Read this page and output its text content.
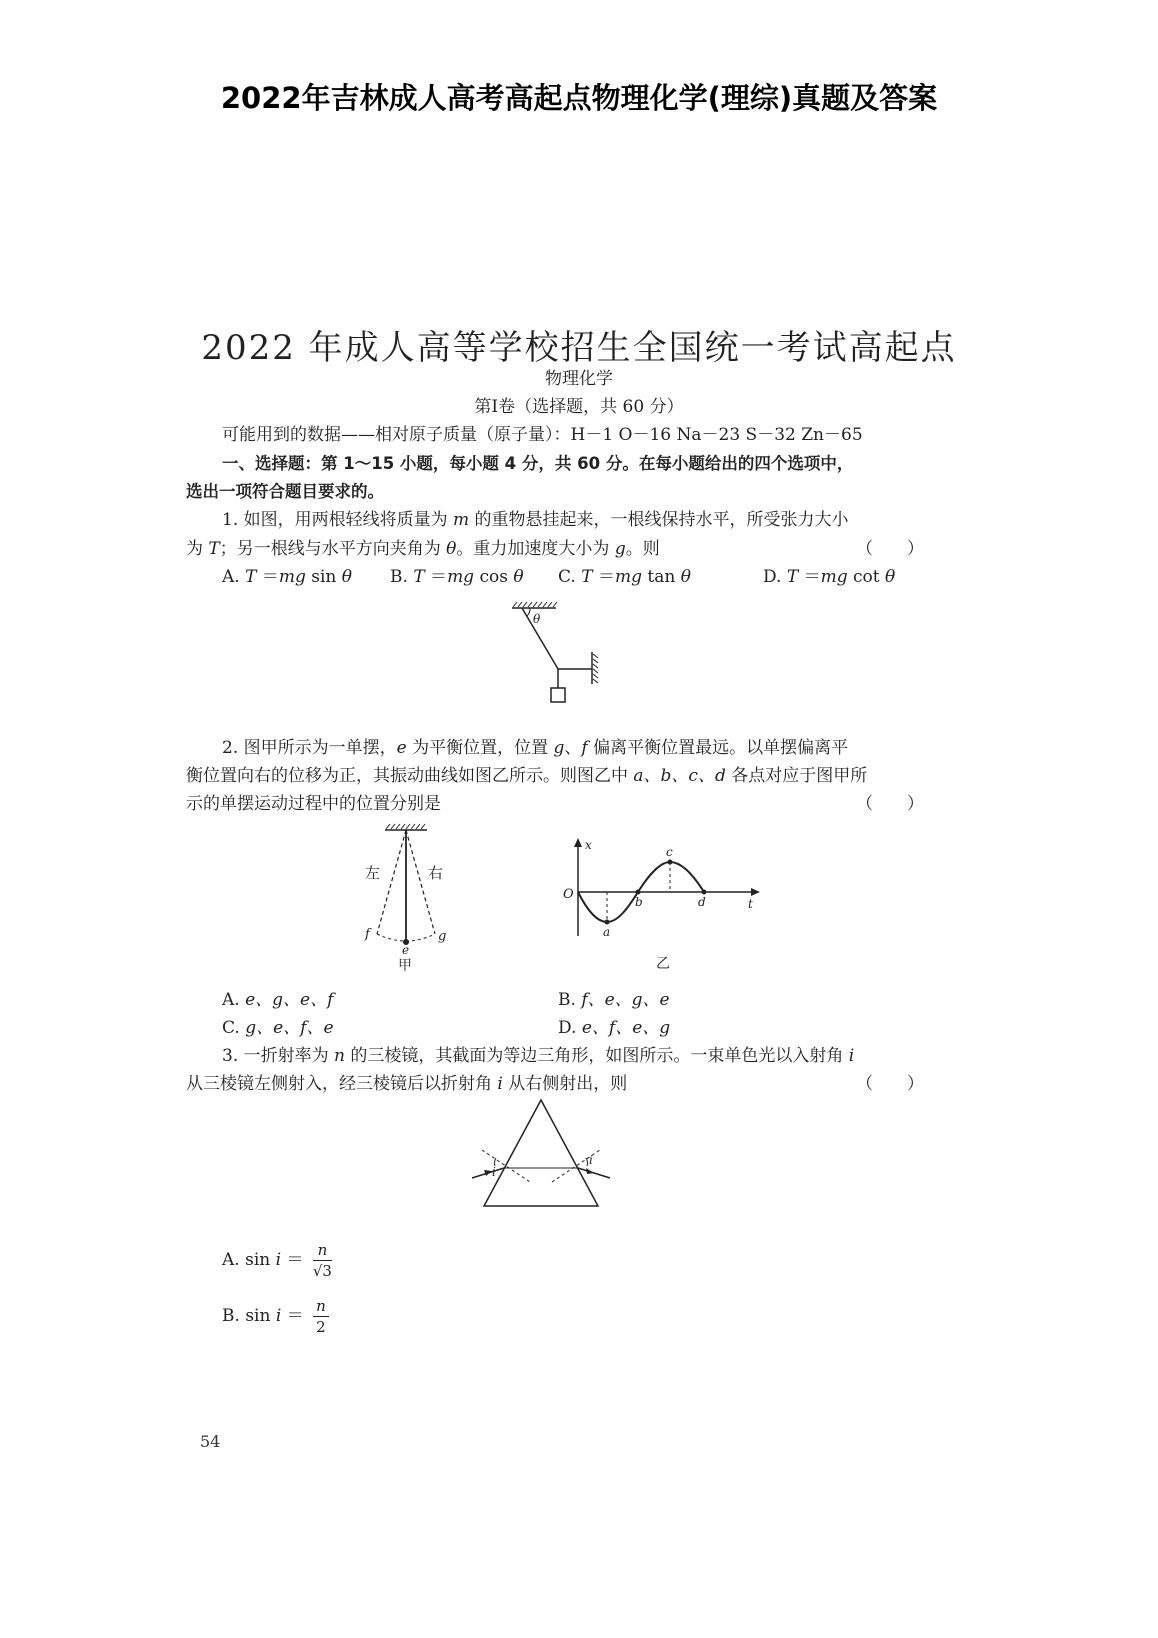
2022年吉林成人高考高起点物理化学(理综)真题及答案
2022 年成人高等学校招生全国统一考试高起点
物理化学
第Ⅰ卷（选择题，共 60 分）
可能用到的数据——相对原子质量（原子量）：H－1 O－16 Na－23 S－32 Zn－65
一、选择题：第 1～15 小题，每小题 4 分，共 60 分。在每小题给出的四个选项中，
选出一项符合题目要求的。
1. 如图，用两根轻线将质量为 m 的重物悬挂起来，一根线保持水平，所受张力大小
为 T；另一根线与水平方向夹角为 θ。重力加速度大小为 g。则	（　　）
A. T ＝mg sin θ B. T ＝mg cos θ C. T ＝mg tan θ	D. T ＝mg cot θ
θ
2. 图甲所示为一单摆，e 为平衡位置，位置 g、f 偏离平衡位置最远。以单摆偏离平
衡位置向右的位移为正，其振动曲线如图乙所示。则图乙中 a、b、c、d 各点对应于图甲所
示的单摆运动过程中的位置分别是	（　　）
左	右
f	g
e
甲
x
t
O
a
b
c
d
乙
A. e、g、e、f	B. f、e、g、e
C. g、e、f、e	D. e、f、e、g
3. 一折射率为 n 的三棱镜，其截面为等边三角形，如图所示。一束单色光以入射角 i
从三棱镜左侧射入，经三棱镜后以折射角 i 从右侧射出，则	（　　）
i
i
A. $\sin i = \frac{n}{√3}$
B. $\sin i = \frac{n}{2}$
54
